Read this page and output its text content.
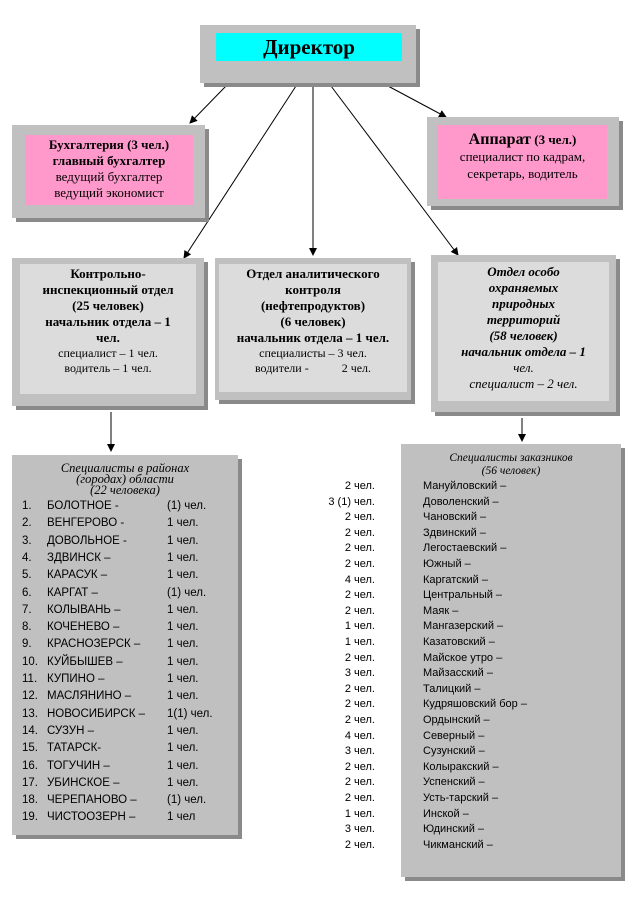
Директор
Бухгалтерия (3 чел.)
главный бухгалтер
ведущий бухгалтер
ведущий экономист
Аппарат (3 чел.)
специалист по кадрам,
секретарь, водитель
Контрольно-
инспекционный отдел
(25 человек)
начальник отдела – 1
чел.
специалист – 1 чел.
водитель – 1 чел.
Отдел аналитического
контроля
(нефтепродуктов)
(6 человек)
начальник отдела – 1 чел.
специалисты – 3 чел.
водители -           2 чел.
Отдел особо
охраняемых
природных
территорий
(58 человек)
начальник отдела – 1
чел.
специалист – 2 чел.
Специалисты в районах
(городах) области
(22 человека)
1. БОЛОТНОЕ -	(1) чел.
2. ВЕНГЕРОВО -	1 чел.
3. ДОВОЛЬНОЕ -	1 чел.
4. ЗДВИНСК –	1 чел.
5. КАРАСУК –	1 чел.
6. КАРГАТ –	(1) чел.
7. КОЛЫВАНЬ –	1 чел.
8. КОЧЕНЕВО –	1 чел.
9. КРАСНОЗЕРСК – 1 чел.
10. КУЙБЫШЕВ –	1 чел.
11. КУПИНО –	1 чел.
12. МАСЛЯНИНО –	1 чел.
13. НОВОСИБИРСК – 1(1) чел.
14. СУЗУН –	1 чел.
15. ТАТАРСК-	1 чел.
16. ТОГУЧИН –	1 чел.
17. УБИНСКОЕ –	1 чел.
18. ЧЕРЕПАНОВО –	(1) чел.
19. ЧИСТООЗЕРН –	1 чел
Специалисты заказников
(56 человек)
Мануйловский –
2 чел.
Доволенский –
3 (1) чел.
Чановский –
2 чел.
Здвинский –
2 чел.
Легостаевский –
2 чел.
Южный –
2 чел.
Каргатский –
4 чел.
Центральный –
2 чел.
Маяк –
2 чел.
Мангазерский –
1 чел.
Казатовский –
1 чел.
Майское утро –
2 чел.
Майзасский –
3 чел.
Талицкий –
2 чел.
Кудряшовский бор –
2 чел.
Ордынский –
2 чел.
Северный –
4 чел.
Сузунский –
3 чел.
Колыракский –
2 чел.
Успенский –
2 чел.
Усть-тарский –
2 чел.
Инской –
1 чел.
Юдинский –
3 чел.
Чикманский –
2 чел.
